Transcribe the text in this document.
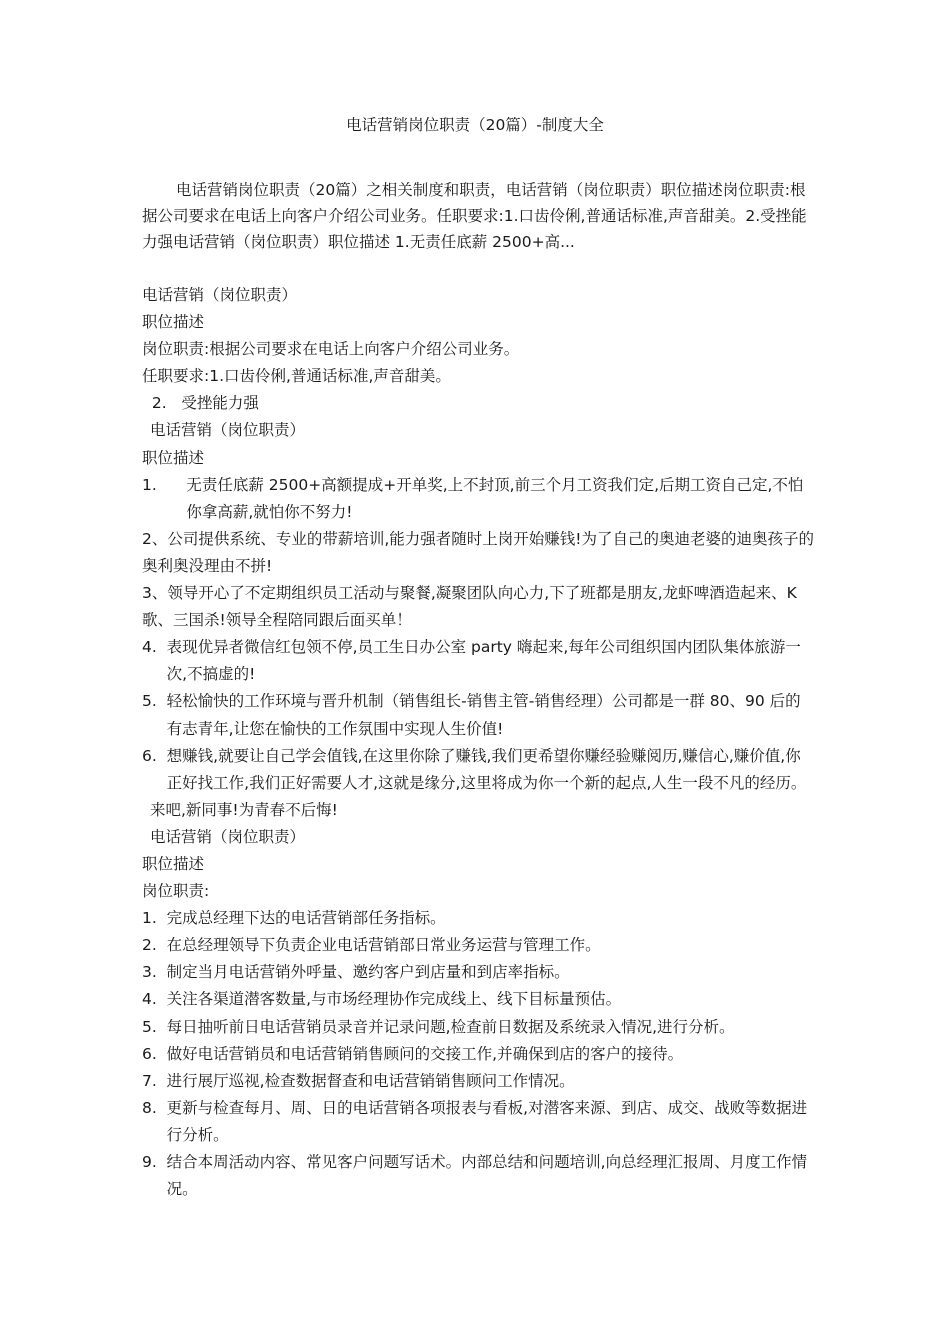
电话营销岗位职责（20篇）-制度大全
电话营销岗位职责（20篇）之相关制度和职责，电话营销（岗位职责）职位描述岗位职责:根据公司要求在电话上向客户介绍公司业务。任职要求:1.口齿伶俐,普通话标准,声音甜美。2.受挫能力强电话营销（岗位职责）职位描述 1.无责任底薪 2500+高...
电话营销（岗位职责）
职位描述
岗位职责:根据公司要求在电话上向客户介绍公司业务。
任职要求:1.口齿伶俐,普通话标准,声音甜美。
2.   受挫能力强
电话营销（岗位职责）
职位描述
1. 无责任底薪 2500+高额提成+开单奖,上不封顶,前三个月工资我们定,后期工资自己定,不怕你拿高薪,就怕你不努力!
2、公司提供系统、专业的带薪培训,能力强者随时上岗开始赚钱!为了自己的奥迪老婆的迪奥孩子的奥利奥没理由不拼!
3、领导开心了不定期组织员工活动与聚餐,凝聚团队向心力,下了班都是朋友,龙虾啤酒造起来、K 歌、三国杀!领导全程陪同跟后面买单！
4. 表现优异者微信红包领不停,员工生日办公室 party 嗨起来,每年公司组织国内团队集体旅游一次,不搞虚的!
5. 轻松愉快的工作环境与晋升机制（销售组长-销售主管-销售经理）公司都是一群 80、90 后的有志青年,让您在愉快的工作氛围中实现人生价值!
6. 想赚钱,就要让自己学会值钱,在这里你除了赚钱,我们更希望你赚经验赚阅历,赚信心,赚价值,你正好找工作,我们正好需要人才,这就是缘分,这里将成为你一个新的起点,人生一段不凡的经历。
来吧,新同事!为青春不后悔!
电话营销（岗位职责）
职位描述
岗位职责:
1. 完成总经理下达的电话营销部任务指标。
2. 在总经理领导下负责企业电话营销部日常业务运营与管理工作。
3. 制定当月电话营销外呼量、邀约客户到店量和到店率指标。
4. 关注各渠道潜客数量,与市场经理协作完成线上、线下目标量预估。
5. 每日抽听前日电话营销员录音并记录问题,检查前日数据及系统录入情况,进行分析。
6. 做好电话营销员和电话营销销售顾问的交接工作,并确保到店的客户的接待。
7. 进行展厅巡视,检查数据督查和电话营销销售顾问工作情况。
8. 更新与检查每月、周、日的电话营销各项报表与看板,对潜客来源、到店、成交、战败等数据进行分析。
9. 结合本周活动内容、常见客户问题写话术。内部总结和问题培训,向总经理汇报周、月度工作情况。
